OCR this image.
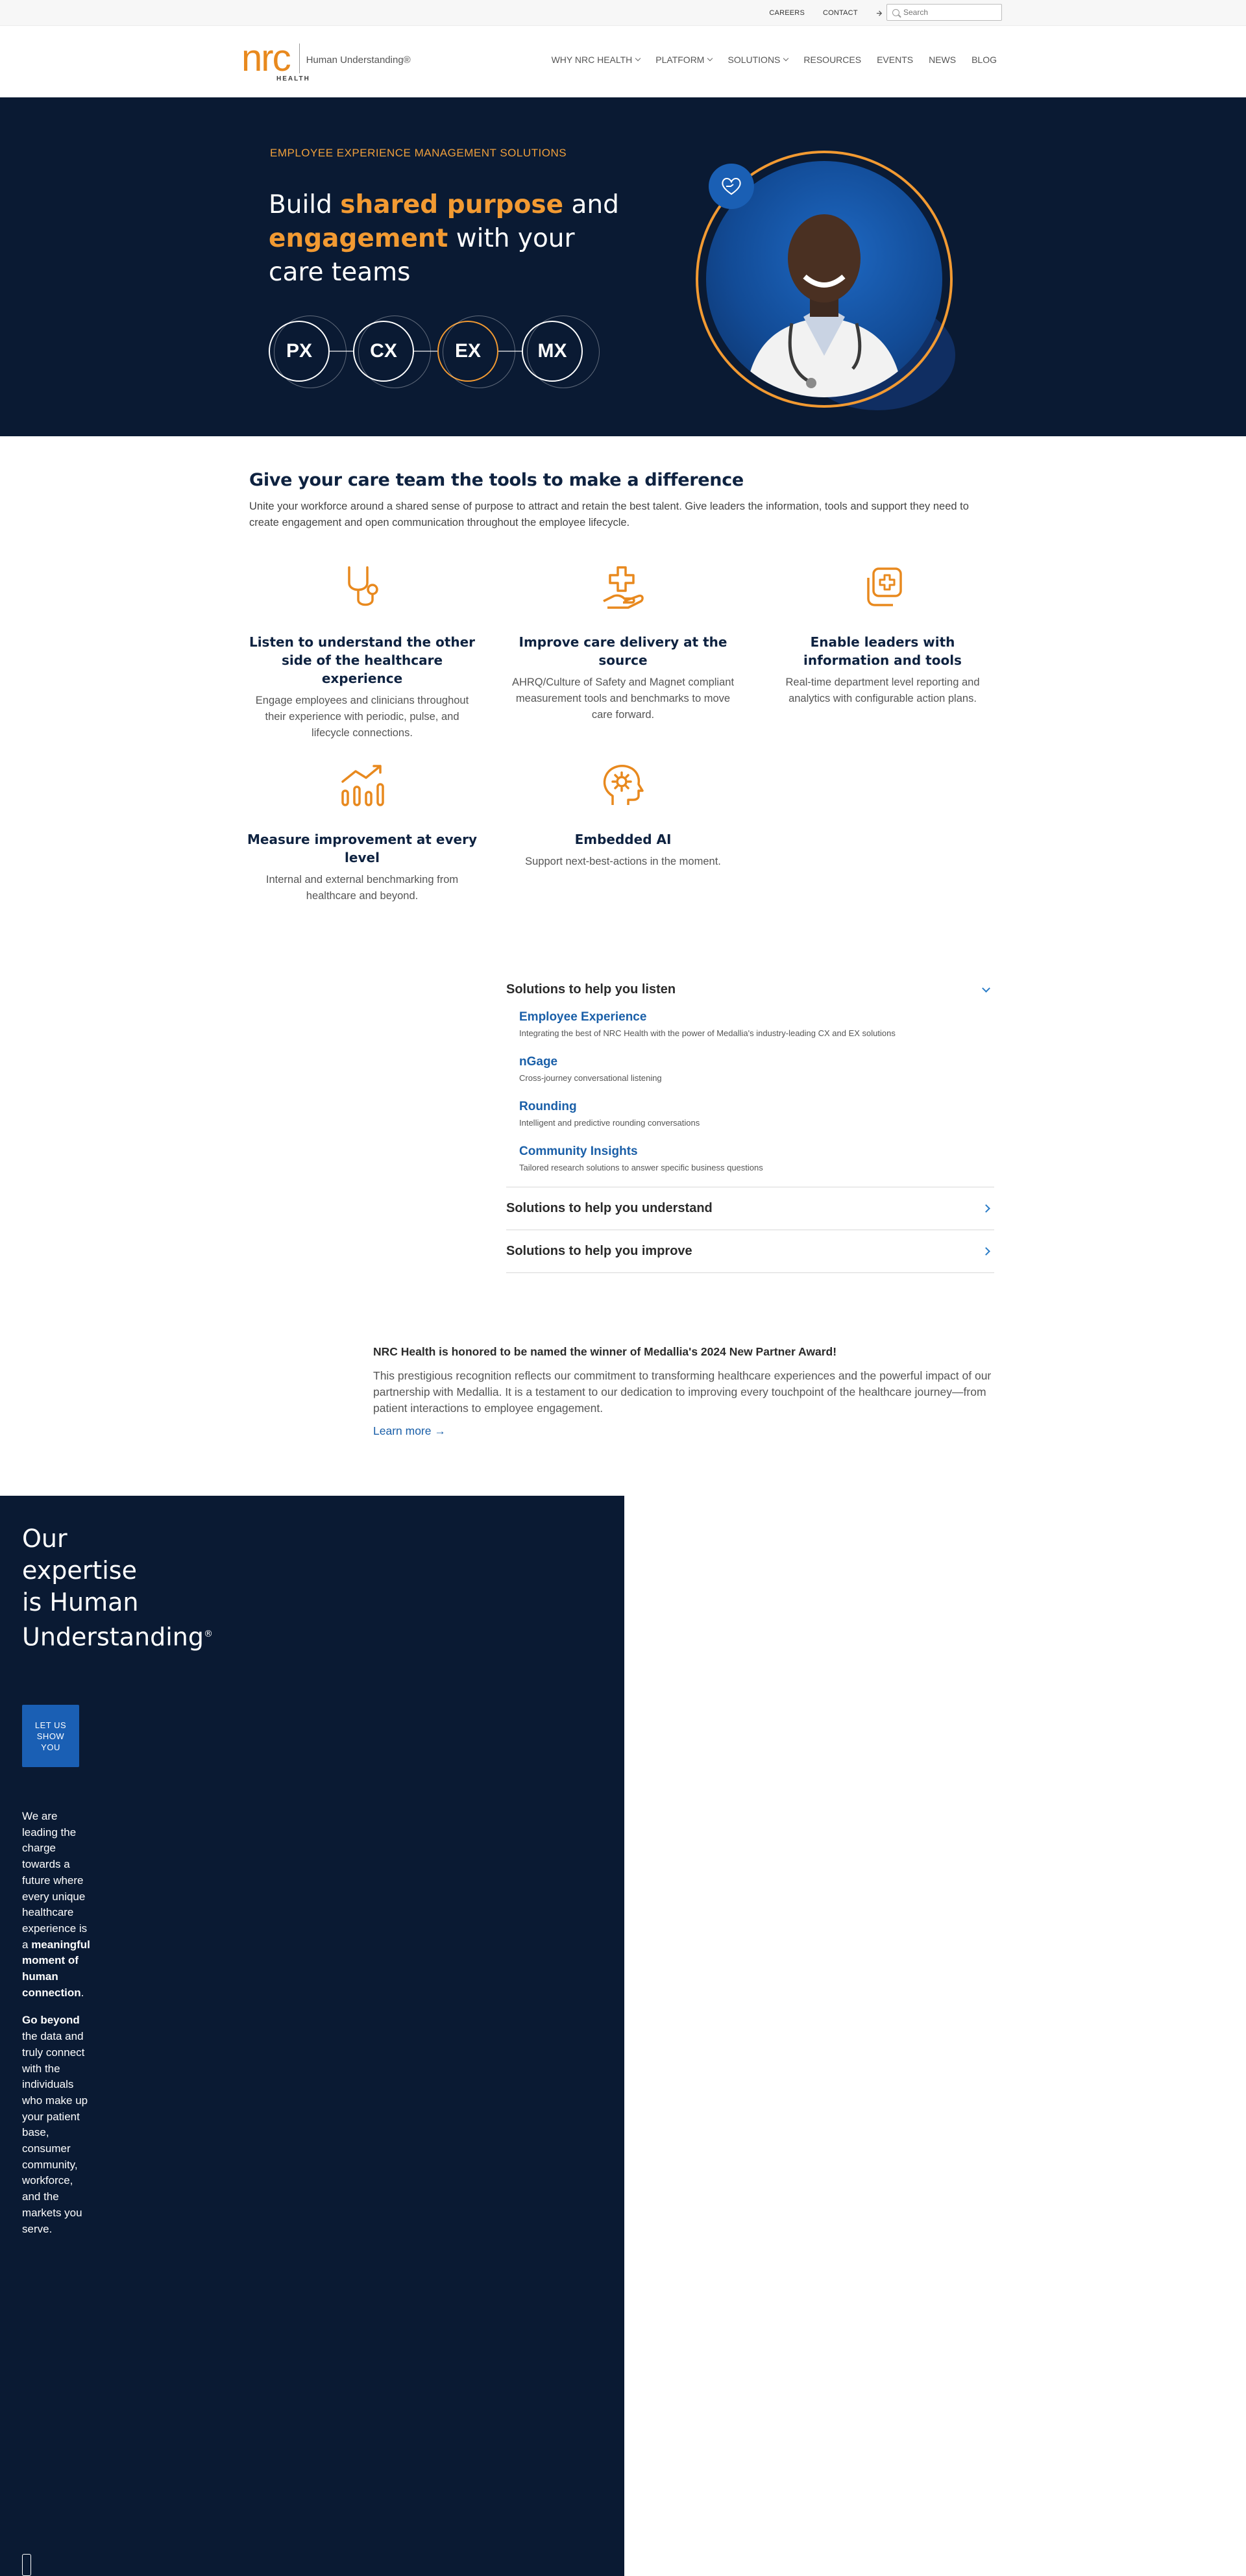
CAREERS	CONTACT
Search
nrc
HEALTH
Human Understanding®	WHY NRC HEALTH	PLATFORM	SOLUTIONS	RESOURCES EVENTS NEWS BLOG
EMPLOYEE EXPERIENCE MANAGEMENT SOLUTIONS
Build shared purpose and engagement with your care teams
PX	CX	EX	MX
Give your care team the tools to make a difference

Unite your workforce around a shared sense of purpose to attract and retain the best talent. Give leaders the information, tools and support they need to create engagement and open communication throughout the employee lifecycle.

Listen to understand the other side of the healthcare experience

Engage employees and clinicians throughout their experience with periodic, pulse, and lifecycle connections.

Improve care delivery at the source

AHRQ/Culture of Safety and Magnet compliant measurement tools and benchmarks to move care forward.

Enable leaders with information and tools

Real-time department level reporting and analytics with configurable action plans.

Measure improvement at every level

Internal and external benchmarking from healthcare and beyond.

Embedded AI

Support next-best-actions in the moment.

Solutions to help you listen
Employee Experience
Integrating the best of NRC Health with the power of Medallia's industry-leading CX and EX solutions
nGage
Cross-journey conversational listening
Rounding
Intelligent and predictive rounding conversations
Community Insights
Tailored research solutions to answer specific business questions
Solutions to help you understand
Solutions to help you improve
NRC Health is honored to be named the winner of Medallia's 2024 New Partner Award!
This prestigious recognition reflects our commitment to transforming healthcare experiences and the powerful impact of our partnership with Medallia. It is a testament to our dedication to improving every touchpoint of the healthcare journey—from patient interactions to employee engagement.
Learn more →
Our expertise is Human Understanding®
LET US SHOW YOU

We are leading the charge towards a future where every unique healthcare experience is a meaningful moment of human connection.

Go beyond the data and truly connect with the individuals who make up your patient base, consumer community, workforce, and the markets you serve.
